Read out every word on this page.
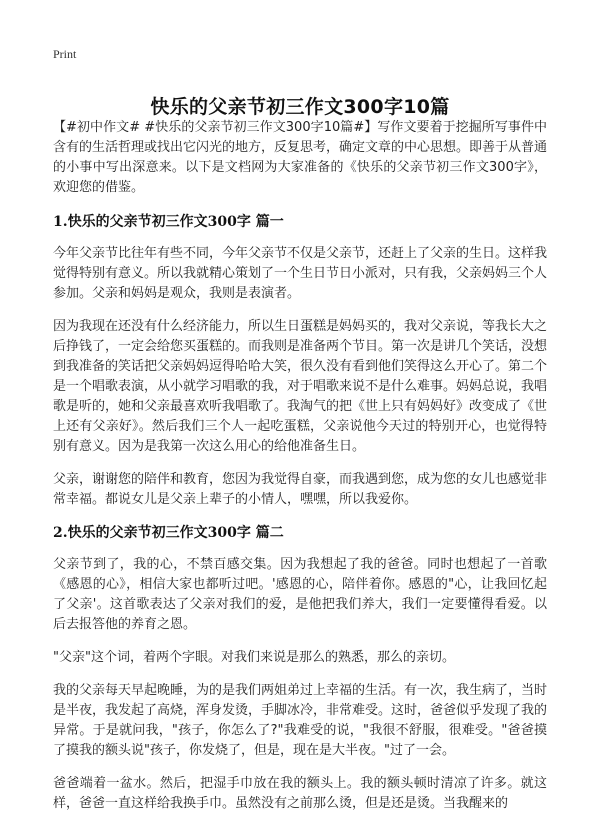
Print
快乐的父亲节初三作文300字10篇

【#初中作文# #快乐的父亲节初三作文300字10篇#】写作文要着于挖掘所写事件中含有的生活哲理或找出它闪光的地方，反复思考，确定文章的中心思想。即善于从普通的小事中写出深意来。以下是文档网为大家准备的《快乐的父亲节初三作文300字》，欢迎您的借鉴。

1.快乐的父亲节初三作文300字 篇一

今年父亲节比往年有些不同，今年父亲节不仅是父亲节，还赶上了父亲的生日。这样我觉得特别有意义。所以我就精心策划了一个生日节日小派对，只有我，父亲妈妈三个人参加。父亲和妈妈是观众，我则是表演者。

因为我现在还没有什么经济能力，所以生日蛋糕是妈妈买的，我对父亲说，等我长大之后挣钱了，一定会给您买蛋糕的。而我则是准备两个节目。第一次是讲几个笑话，没想到我准备的笑话把父亲妈妈逗得哈哈大笑，很久没有看到他们笑得这么开心了。第二个是一个唱歌表演，从小就学习唱歌的我，对于唱歌来说不是什么难事。妈妈总说，我唱歌是听的，她和父亲最喜欢听我唱歌了。我淘气的把《世上只有妈妈好》改变成了《世上还有父亲好》。然后我们三个人一起吃蛋糕，父亲说他今天过的特别开心，也觉得特别有意义。因为是我第一次这么用心的给他准备生日。

父亲，谢谢您的陪伴和教育，您因为我觉得自豪，而我遇到您，成为您的女儿也感觉非常幸福。都说女儿是父亲上辈子的小情人，嘿嘿，所以我爱你。

2.快乐的父亲节初三作文300字 篇二

父亲节到了，我的心，不禁百感交集。因为我想起了我的爸爸。同时也想起了一首歌《感恩的心》，相信大家也都听过吧。'感恩的心，陪伴着你。感恩的"心，让我回忆起了父亲'。这首歌表达了父亲对我们的爱，是他把我们养大，我们一定要懂得看爱。以后去报答他的养育之恩。

"父亲"这个词，着两个字眼。对我们来说是那么的熟悉，那么的亲切。

我的父亲每天早起晚睡，为的是我们两姐弟过上幸福的生活。有一次，我生病了，当时是半夜，我发起了高烧，浑身发烫，手脚冰冷，非常难受。这时，爸爸似乎发现了我的异常。于是就问我，"孩子，你怎么了?"我难受的说，"我很不舒服，很难受。"爸爸摸了摸我的额头说"孩子，你发烧了，但是，现在是大半夜。"过了一会。

爸爸端着一盆水。然后，把湿手巾放在我的额头上。我的额头顿时清凉了许多。就这样，爸爸一直这样给我换手巾。虽然没有之前那么烫，但是还是烫。当我醒来的
